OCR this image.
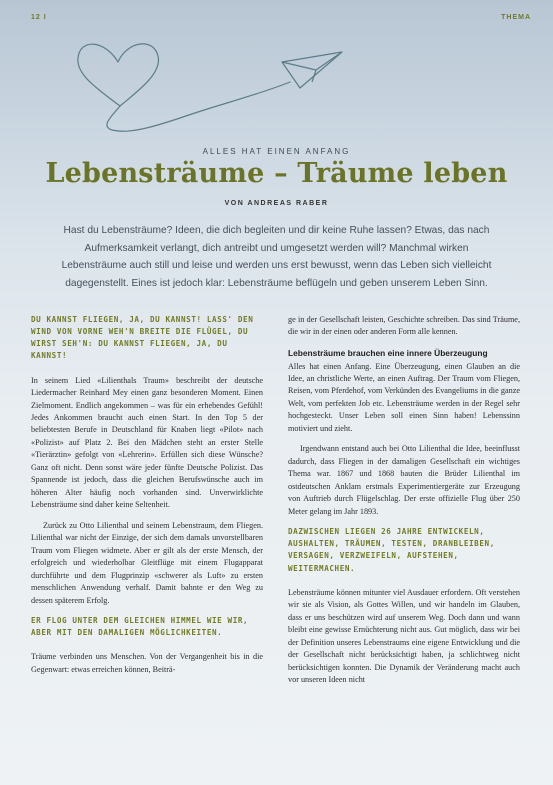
12 I	THEMA
ALLES HAT EINEN ANFANG
Lebensträume – Träume leben
VON ANDREAS RABER
Hast du Lebensträume? Ideen, die dich begleiten und dir keine Ruhe lassen? Etwas, das nach Aufmerksamkeit verlangt, dich antreibt und umgesetzt werden will? Manchmal wirken Lebensträume auch still und leise und werden uns erst bewusst, wenn das Leben sich vielleicht dagegenstellt. Eines ist jedoch klar: Lebensträume beflügeln und geben unserem Leben Sinn.
DU KANNST FLIEGEN, JA, DU KANNST! LASS' DEN WIND VON VORNE WEH'N BREITE DIE FLÜGEL, DU WIRST SEH'N: DU KANNST FLIEGEN, JA, DU KANNST!

In seinem Lied «Lilienthals Traum» beschreibt der deutsche Liedermacher Reinhard Mey einen ganz besonderen Moment. Einen Zielmoment. Endlich angekommen – was für ein erhebendes Gefühl! Jedes Ankommen braucht auch einen Start. In den Top 5 der beliebtesten Berufe in Deutschland für Knaben liegt «Pilot» nach «Polizist» auf Platz 2. Bei den Mädchen steht an erster Stelle «Tierärztin» gefolgt von «Lehrerin». Erfüllen sich diese Wünsche? Ganz oft nicht. Denn sonst wäre jeder fünfte Deutsche Polizist. Das Spannende ist jedoch, dass die gleichen Berufswünsche auch im höheren Alter häufig noch vorhanden sind. Unverwirklichte Lebensträume sind daher keine Seltenheit.

Zurück zu Otto Lilienthal und seinem Lebenstraum, dem Fliegen. Lilienthal war nicht der Einzige, der sich dem damals unvorstellbaren Traum vom Fliegen widmete. Aber er gilt als der erste Mensch, der erfolgreich und wiederholbar Gleitflüge mit einem Flugapparat durchführte und dem Flugprinzip «schwerer als Luft» zu ersten menschlichen Anwendung verhalf. Damit bahnte er den Weg zu dessen späterem Erfolg.

ER FLOG UNTER DEM GLEICHEN HIMMEL WIE WIR, ABER MIT DEN DAMALIGEN MÖGLICHKEITEN.

Träume verbinden uns Menschen. Von der Vergangenheit bis in die Gegenwart: etwas erreichen können, Beiträ-

ge in der Gesellschaft leisten, Geschichte schreiben. Das sind Träume, die wir in der einen oder anderen Form alle kennen.

Lebensträume brauchen eine innere Überzeugung

Alles hat einen Anfang. Eine Überzeugung, einen Glauben an die Idee, an christliche Werte, an einen Auftrag. Der Traum vom Fliegen, Reisen, vom Pferdehof, vom Verkünden des Evangeliums in die ganze Welt, vom perfekten Job etc. Lebensträume werden in der Regel sehr hochgesteckt. Unser Leben soll einen Sinn haben! Lebenssinn motiviert und zieht.

Irgendwann entstand auch bei Otto Lilienthal die Idee, beeinflusst dadurch, dass Fliegen in der damaligen Gesellschaft ein wichtiges Thema war. 1867 und 1868 bauten die Brüder Lilienthal im ostdeutschen Anklam erstmals Experimentiergeräte zur Erzeugung von Auftrieb durch Flügelschlag. Der erste offizielle Flug über 250 Meter gelang im Jahr 1893.

DAZWISCHEN LIEGEN 26 JAHRE ENTWICKELN, AUSHALTEN, TRÄUMEN, TESTEN, DRANBLEIBEN, VERSAGEN, VERZWEIFELN, AUFSTEHEN, WEITERMACHEN.

Lebensträume können mitunter viel Ausdauer erfordern. Oft verstehen wir sie als Vision, als Gottes Willen, und wir handeln im Glauben, dass er uns beschützen wird auf unserem Weg. Doch dann und wann bleibt eine gewisse Ernüchterung nicht aus. Gut möglich, dass wir bei der Definition unseres Lebenstraums eine eigene Entwicklung und die der Gesellschaft nicht berücksichtigt haben, ja schlichtweg nicht berücksichtigen konnten. Die Dynamik der Veränderung macht auch vor unseren Ideen nicht
